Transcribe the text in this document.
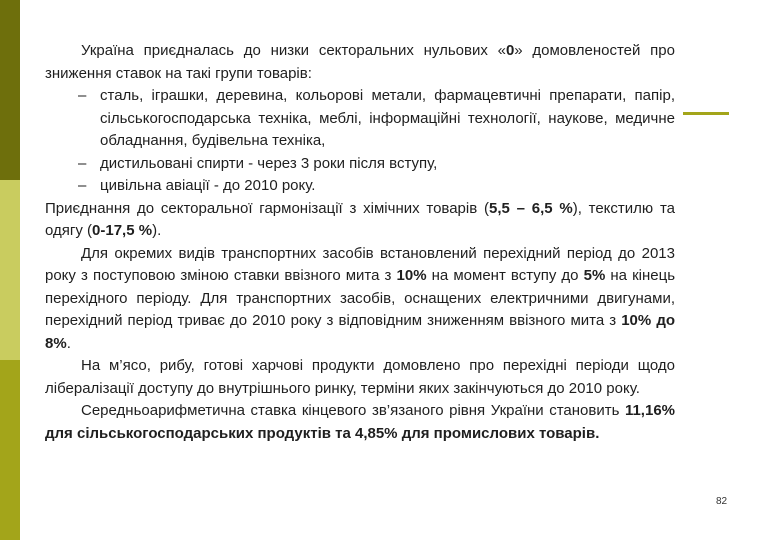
Україна приєдналась до низки секторальних нульових «0» домовленостей про зниження ставок на такі групи товарів:

– сталь, іграшки, деревина, кольорові метали, фармацевтичні препарати, папір, сільськогосподарська техніка, меблі, інформаційні технології, наукове, медичне обладнання, будівельна техніка,
– дистильовані спирти - через 3 роки після вступу,
– цивільна авіації - до 2010 року.

Приєднання до секторальної гармонізації з хімічних товарів (5,5 – 6,5 %), текстилю та одягу (0-17,5 %).

Для окремих видів транспортних засобів встановлений перехідний період до 2013 року з поступовою зміною ставки ввізного мита з 10% на момент вступу до 5% на кінець перехідного періоду. Для транспортних засобів, оснащених електричними двигунами, перехідний період триває до 2010 року з відповідним зниженням ввізного мита з 10% до 8%.

На м’ясо, рибу, готові харчові продукти домовлено про перехідні періоди щодо лібералізації доступу до внутрішнього ринку, терміни яких закінчуються до 2010 року.

Середньоарифметична ставка кінцевого зв’язаного рівня України становить 11,16% для сільськогосподарських продуктів та 4,85% для промислових товарів.

82
